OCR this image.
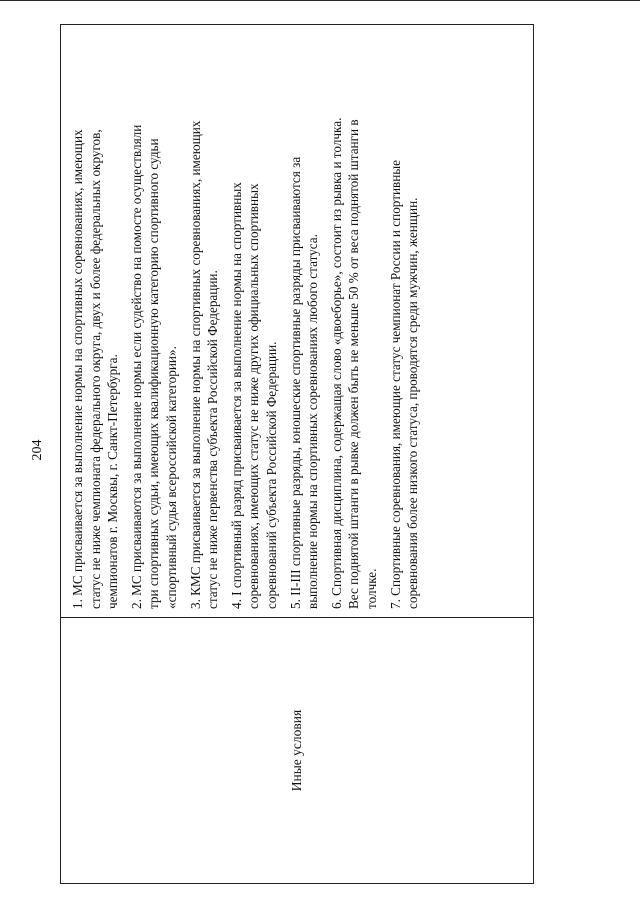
204
Иные условия

1. МС присваивается за выполнение нормы на спортивных соревнованиях, имеющих статус не ниже чемпионата федерального округа, двух и более федеральных округов, чемпионатов г. Москвы, г. Санкт-Петербурга. 2. МС присваиваются за выполнение нормы если судейство на помосте осуществляли три спортивных судьи, имеющих квалификационную категорию спортивного судьи «спортивный судья всероссийской категории». 3. КМС присваивается за выполнение нормы на спортивных соревнованиях, имеющих статус не ниже первенства субъекта Российской Федерации. 4. I спортивный разряд присваивается за выполнение нормы на спортивных соревнованиях, имеющих статус не ниже других официальных спортивных соревнований субъекта Российской Федерации. 5. II-III спортивные разряды, юношеские спортивные разряды присваиваются за выполнение нормы на спортивных соревнованиях любого статуса. 6. Спортивная дисциплина, содержащая слово «двоеборье», состоит из рывка и толчка. Вес поднятой штанги в рывке должен быть не меньше 50 % от веса поднятой штанги в толчке. 7. Спортивные соревнования, имеющие статус чемпионат России и спортивные соревнования более низкого статуса, проводятся среди мужчин, женщин.
